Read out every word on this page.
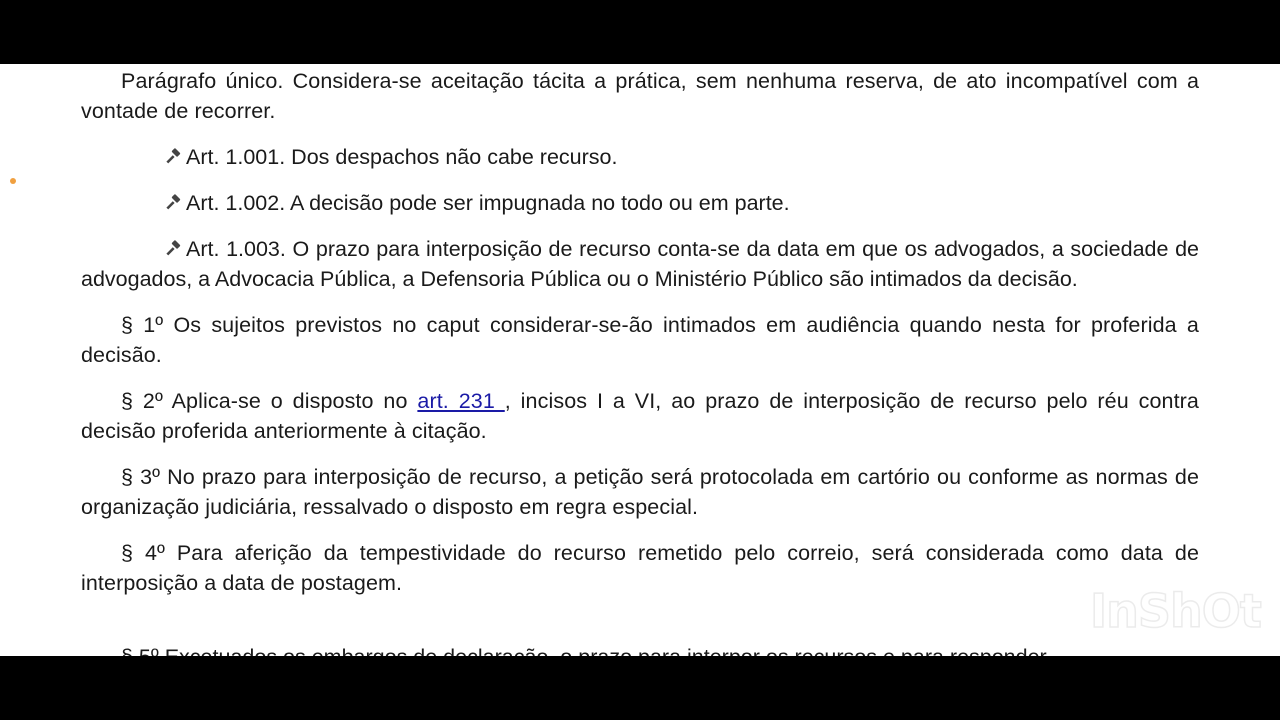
Parágrafo único. Considera-se aceitação tácita a prática, sem nenhuma reserva, de ato incompatível com a vontade de recorrer.

Art. 1.001. Dos despachos não cabe recurso.
Art. 1.002. A decisão pode ser impugnada no todo ou em parte.

Art. 1.003. O prazo para interposição de recurso conta-se da data em que os advogados, a sociedade de advogados, a Advocacia Pública, a Defensoria Pública ou o Ministério Público são intimados da decisão.

§ 1º Os sujeitos previstos no caput considerar-se-ão intimados em audiência quando nesta for proferida a decisão.

§ 2º Aplica-se o disposto no art. 231 , incisos I a VI, ao prazo de interposição de recurso pelo réu contra decisão proferida anteriormente à citação.

§ 3º No prazo para interposição de recurso, a petição será protocolada em cartório ou conforme as normas de organização judiciária, ressalvado o disposto em regra especial.

§ 4º Para aferição da tempestividade do recurso remetido pelo correio, será considerada como data de interposição a data de postagem.

InShOt
